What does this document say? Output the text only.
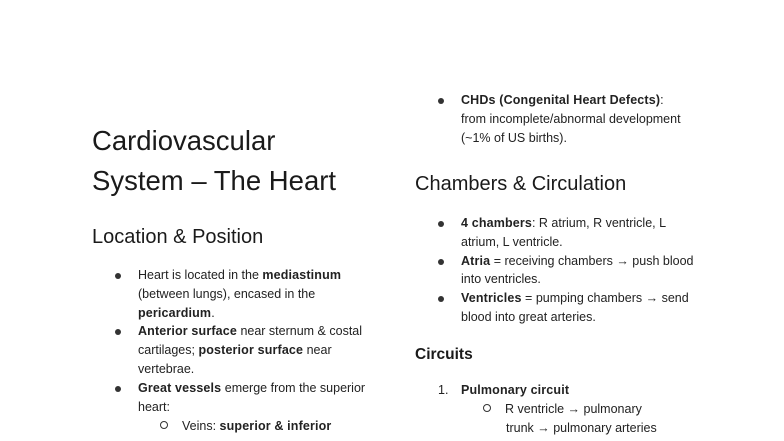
Cardiovascular
System – The Heart
Location & Position
Heart is located in the mediastinum (between lungs), encased in the pericardium.
Anterior surface near sternum & costal cartilages; posterior surface near vertebrae.
Great vessels emerge from the superior heart:
Veins: superior & inferior
CHDs (Congenital Heart Defects): from incomplete/abnormal development (~1% of US births).
Chambers & Circulation
4 chambers: R atrium, R ventricle, L atrium, L ventricle.
Atria = receiving chambers → push blood into ventricles.
Ventricles = pumping chambers → send blood into great arteries.
Circuits
1. Pulmonary circuit
R ventricle → pulmonary
trunk → pulmonary arteries
